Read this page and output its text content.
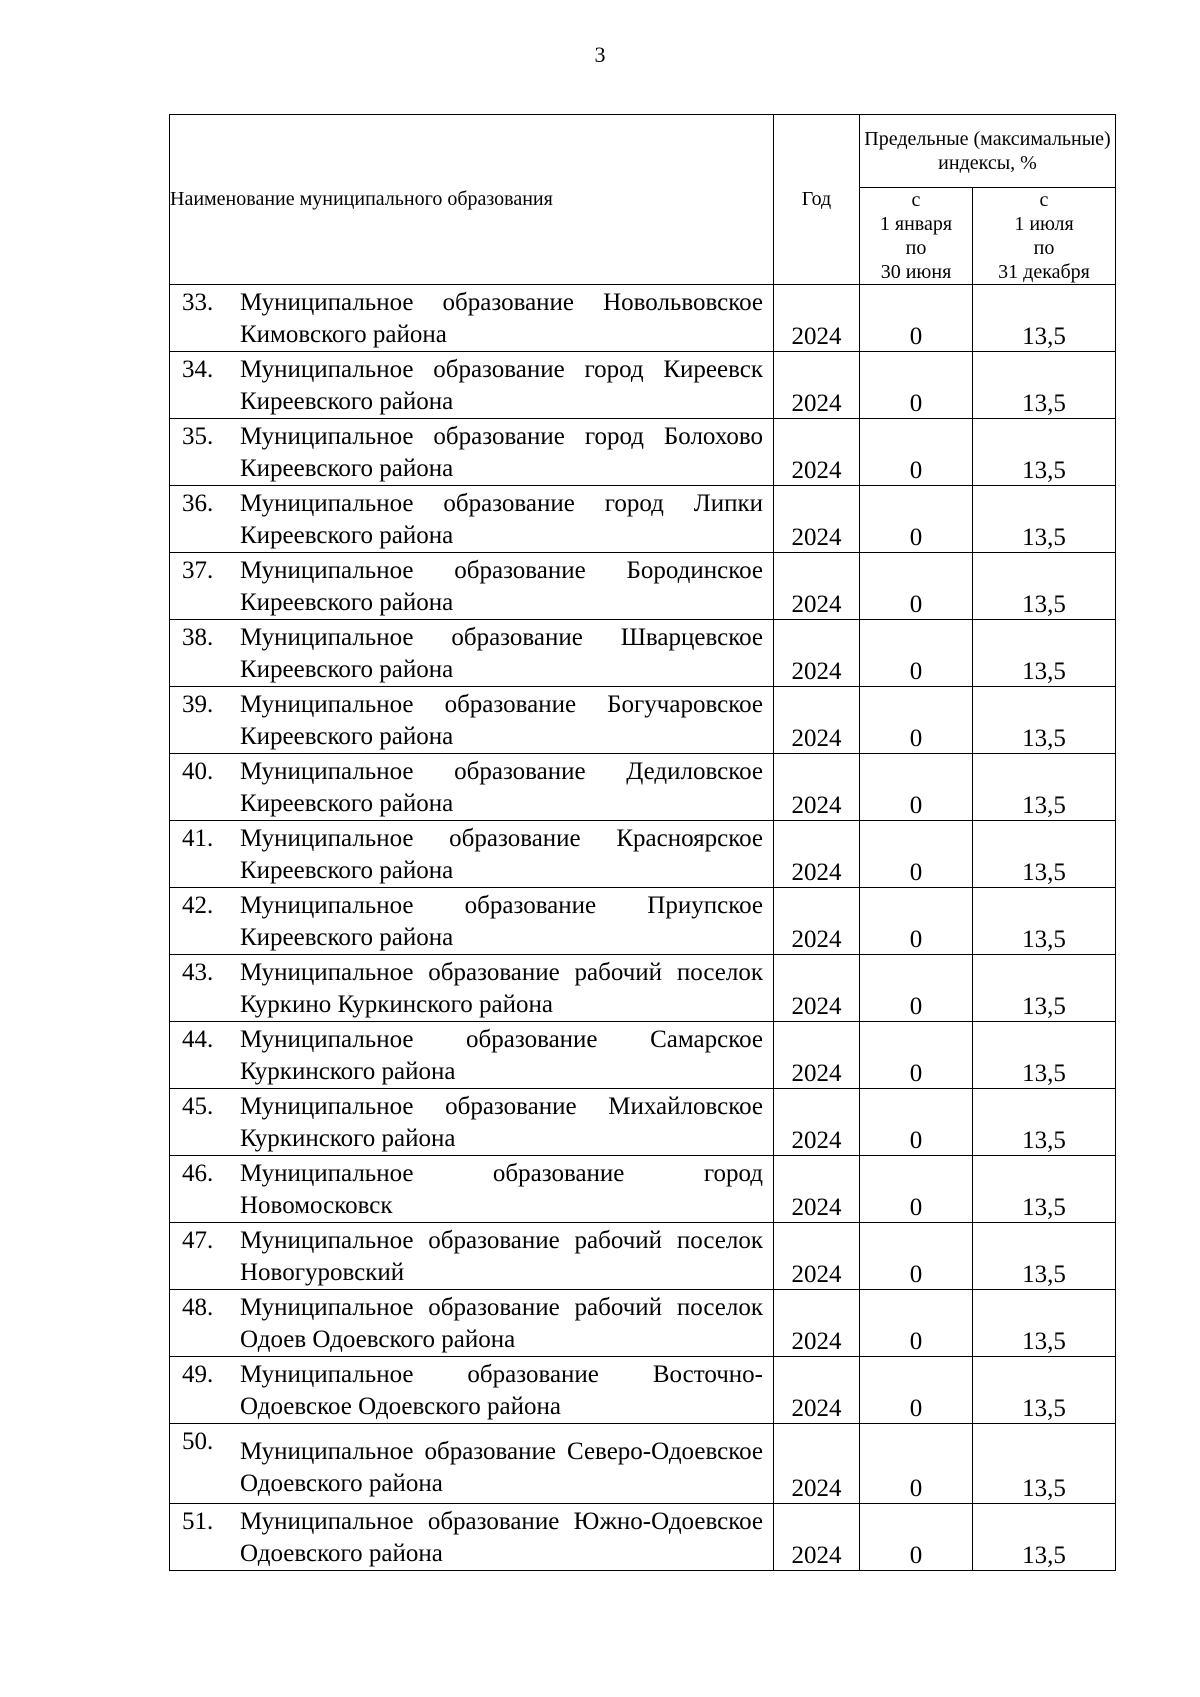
3
Наименование муниципального образования	Год	Предельные (максимальные) индексы, %	

		с
1 января
по
30 июня	с
1 июля
по
31 декабря

33. Муниципальное образование Новольвовское Кимовского района	2024	0	13,5

34. Муниципальное образование город Киреевск Киреевского района	2024	0	13,5

35. Муниципальное образование город Болохово Киреевского района	2024	0	13,5

36. Муниципальное образование город Липки Киреевского района	2024	0	13,5

37. Муниципальное образование Бородинское Киреевского района	2024	0	13,5

38. Муниципальное образование Шварцевское Киреевского района	2024	0	13,5

39. Муниципальное образование Богучаровское Киреевского района	2024	0	13,5

40. Муниципальное образование Дедиловское Киреевского района	2024	0	13,5

41. Муниципальное образование Красноярское Киреевского района	2024	0	13,5

42. Муниципальное образование Приупское Киреевского района	2024	0	13,5

43. Муниципальное образование рабочий поселок Куркино Куркинского района	2024	0	13,5

44. Муниципальное образование Самарское Куркинского района	2024	0	13,5

45. Муниципальное образование Михайловское Куркинского района	2024	0	13,5

46. Муниципальное образование город Новомосковск	2024	0	13,5

47. Муниципальное образование рабочий поселок Новогуровский	2024	0	13,5

48. Муниципальное образование рабочий поселок Одоев Одоевского района	2024	0	13,5

49. Муниципальное образование Восточно-Одоевское Одоевского района	2024	0	13,5

50. Муниципальное образование Северо-Одоевское Одоевского района	2024	0	13,5

51. Муниципальное образование Южно-Одоевское Одоевского района	2024	0	13,5
